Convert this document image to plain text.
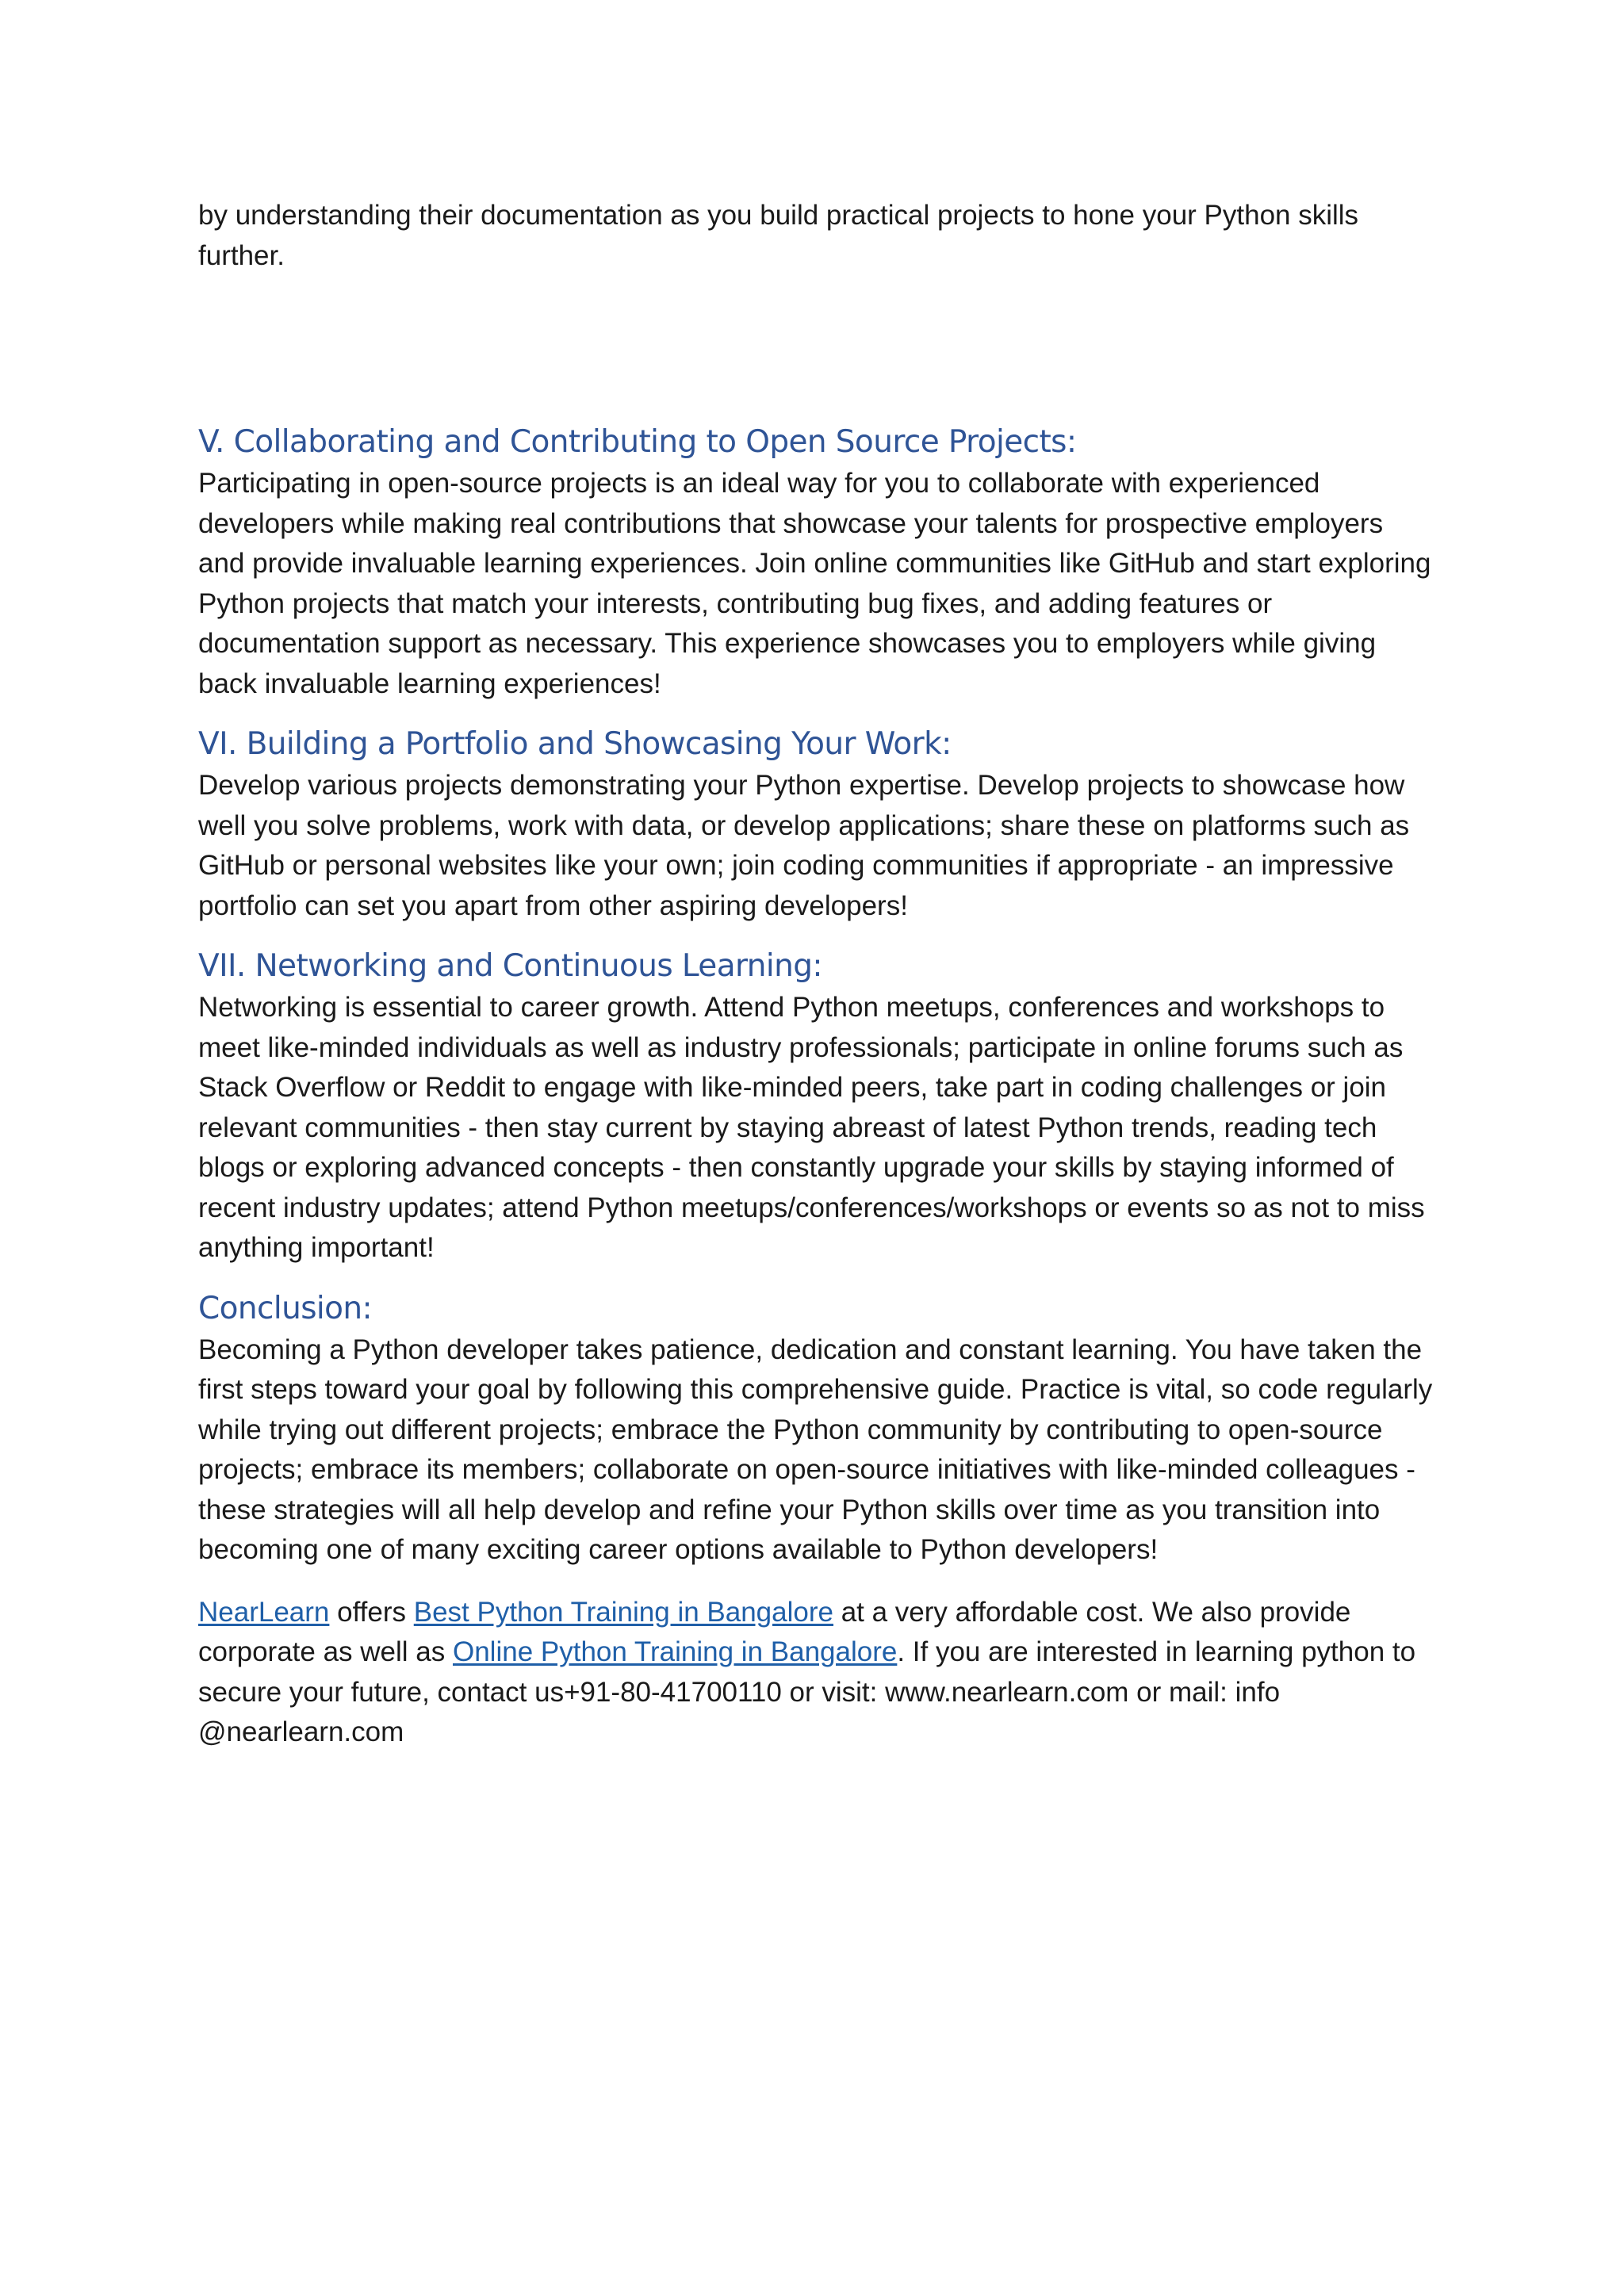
by understanding their documentation as you build practical projects to hone your Python skills further.

V. Collaborating and Contributing to Open Source Projects:

Participating in open-source projects is an ideal way for you to collaborate with experienced developers while making real contributions that showcase your talents for prospective employers and provide invaluable learning experiences. Join online communities like GitHub and start exploring Python projects that match your interests, contributing bug fixes, and adding features or documentation support as necessary. This experience showcases you to employers while giving back invaluable learning experiences!

VI. Building a Portfolio and Showcasing Your Work:

Develop various projects demonstrating your Python expertise. Develop projects to showcase how well you solve problems, work with data, or develop applications; share these on platforms such as GitHub or personal websites like your own; join coding communities if appropriate - an impressive portfolio can set you apart from other aspiring developers!

VII. Networking and Continuous Learning:

Networking is essential to career growth. Attend Python meetups, conferences and workshops to meet like-minded individuals as well as industry professionals; participate in online forums such as Stack Overflow or Reddit to engage with like-minded peers, take part in coding challenges or join relevant communities - then stay current by staying abreast of latest Python trends, reading tech blogs or exploring advanced concepts - then constantly upgrade your skills by staying informed of recent industry updates; attend Python meetups/conferences/workshops or events so as not to miss anything important!

Conclusion:

Becoming a Python developer takes patience, dedication and constant learning. You have taken the first steps toward your goal by following this comprehensive guide. Practice is vital, so code regularly while trying out different projects; embrace the Python community by contributing to open-source projects; embrace its members; collaborate on open-source initiatives with like-minded colleagues - these strategies will all help develop and refine your Python skills over time as you transition into becoming one of many exciting career options available to Python developers!

NearLearn offers Best Python Training in Bangalore at a very affordable cost. We also provide corporate as well as Online Python Training in Bangalore. If you are interested in learning python to secure your future, contact us+91-80-41700110 or visit: www.nearlearn.com or mail: info @nearlearn.com
